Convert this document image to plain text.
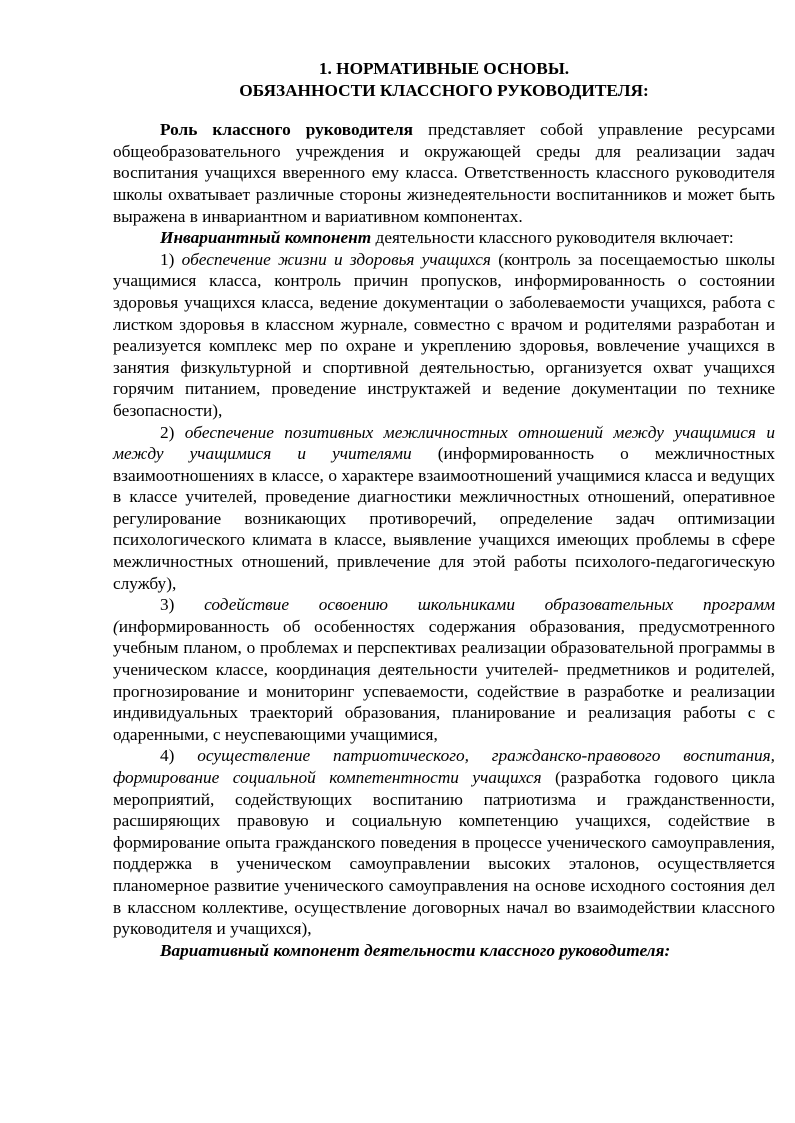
1. НОРМАТИВНЫЕ ОСНОВЫ.
ОБЯЗАННОСТИ КЛАССНОГО РУКОВОДИТЕЛЯ:

Роль классного руководителя представляет собой управление ресурсами общеобразовательного учреждения и окружающей среды для реализации задач воспитания учащихся вверенного ему класса. Ответственность классного руководителя школы охватывает различные стороны жизнедеятельности воспитанников и может быть выражена в инвариантном и вариативном компонентах.

Инвариантный компонент деятельности классного руководителя включает:

1) обеспечение жизни и здоровья учащихся (контроль за посещаемостью школы учащимися класса, контроль причин пропусков, информированность о состоянии здоровья учащихся класса, ведение документации о заболеваемости учащихся, работа с листком здоровья в классном журнале, совместно с врачом и родителями разработан и реализуется комплекс мер по охране и укреплению здоровья, вовлечение учащихся в занятия физкультурной и спортивной деятельностью, организуется охват учащихся горячим питанием, проведение инструктажей и ведение документации по технике безопасности),

2) обеспечение позитивных межличностных отношений между учащимися и между учащимися и учителями (информированность о межличностных взаимоотношениях в классе, о характере взаимоотношений учащимися класса и ведущих в классе учителей, проведение диагностики межличностных отношений, оперативное регулирование возникающих противоречий, определение задач оптимизации психологического климата в классе, выявление учащихся имеющих проблемы в сфере межличностных отношений, привлечение для этой работы психолого-педагогическую службу),

3) содействие освоению школьниками образовательных программ (информированность об особенностях содержания образования, предусмотренного учебным планом, о проблемах и перспективах реализации образовательной программы в ученическом классе, координация деятельности учителей- предметников и родителей, прогнозирование и мониторинг успеваемости, содействие в разработке и реализации индивидуальных траекторий образования, планирование и реализация работы с с одаренными, с неуспевающими учащимися,

4) осуществление патриотического, гражданско-правового воспитания, формирование социальной компетентности учащихся (разработка годового цикла мероприятий, содействующих воспитанию патриотизма и гражданственности, расширяющих правовую и социальную компетенцию учащихся, содействие в формирование опыта гражданского поведения в процессе ученического самоуправления, поддержка в ученическом самоуправлении высоких эталонов, осуществляется планомерное развитие ученического самоуправления на основе исходного состояния дел в классном коллективе, осуществление договорных начал во взаимодействии классного руководителя и учащихся),

Вариативный компонент деятельности классного руководителя:
